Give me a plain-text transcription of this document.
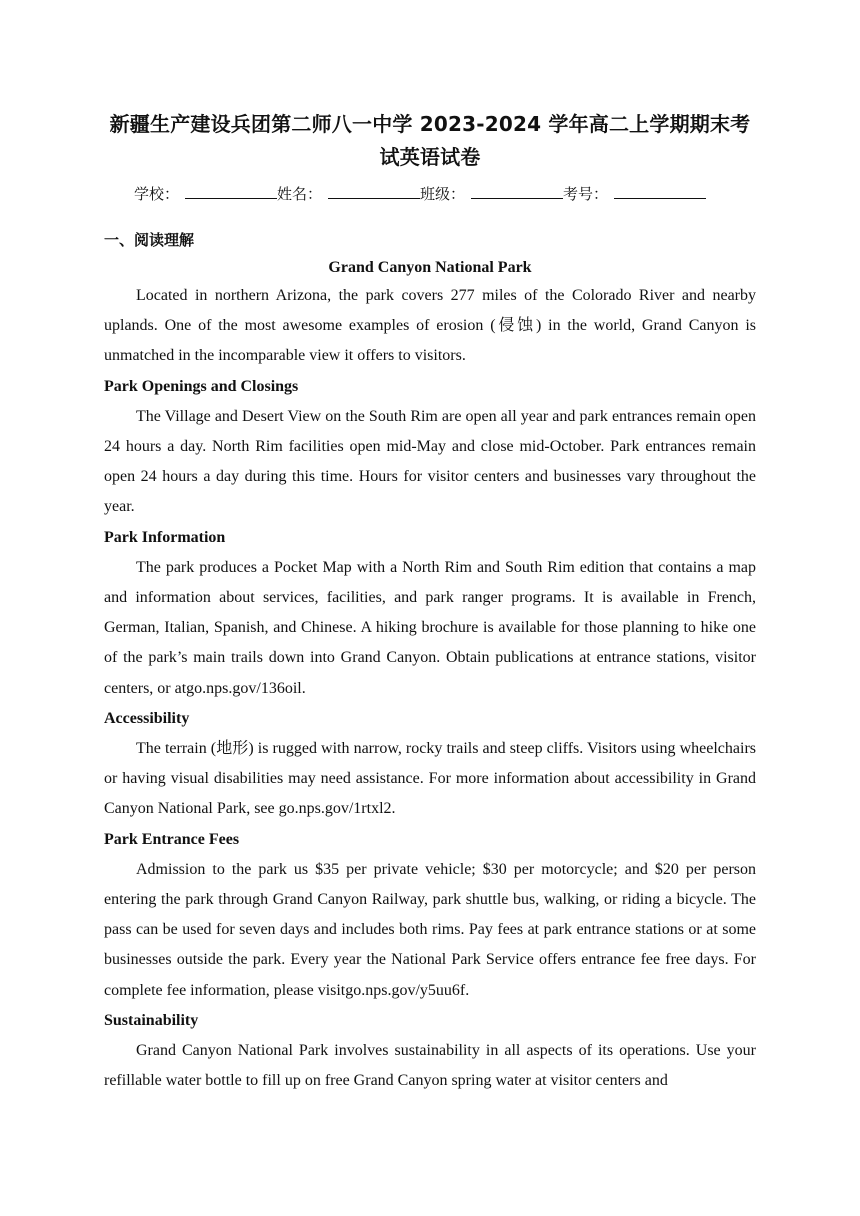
新疆生产建设兵团第二师八一中学 2023-2024 学年高二上学期期末考
试英语试卷
学校：	姓名：	班级：	考号：
一、阅读理解
Grand Canyon National Park

Located in northern Arizona, the park covers 277 miles of the Colorado River and nearby uplands. One of the most awesome examples of erosion (侵蚀) in the world, Grand Canyon is unmatched in the incomparable view it offers to visitors.

Park Openings and Closings

The Village and Desert View on the South Rim are open all year and park entrances remain open 24 hours a day. North Rim facilities open mid-May and close mid-October. Park entrances remain open 24 hours a day during this time. Hours for visitor centers and businesses vary throughout the year.

Park Information

The park produces a Pocket Map with a North Rim and South Rim edition that contains a map and information about services, facilities, and park ranger programs. It is available in French, German, Italian, Spanish, and Chinese. A hiking brochure is available for those planning to hike one of the park’s main trails down into Grand Canyon. Obtain publications at entrance stations, visitor centers, or atgo.nps.gov/136oil.

Accessibility

The terrain (地形) is rugged with narrow, rocky trails and steep cliffs. Visitors using wheelchairs or having visual disabilities may need assistance. For more information about accessibility in Grand Canyon National Park, see go.nps.gov/1rtxl2.

Park Entrance Fees

Admission to the park us $35 per private vehicle; $30 per motorcycle; and $20 per person entering the park through Grand Canyon Railway, park shuttle bus, walking, or riding a bicycle. The pass can be used for seven days and includes both rims. Pay fees at park entrance stations or at some businesses outside the park. Every year the National Park Service offers entrance fee free days. For complete fee information, please visitgo.nps.gov/y5uu6f.

Sustainability

Grand Canyon National Park involves sustainability in all aspects of its operations. Use your refillable water bottle to fill up on free Grand Canyon spring water at visitor centers and
